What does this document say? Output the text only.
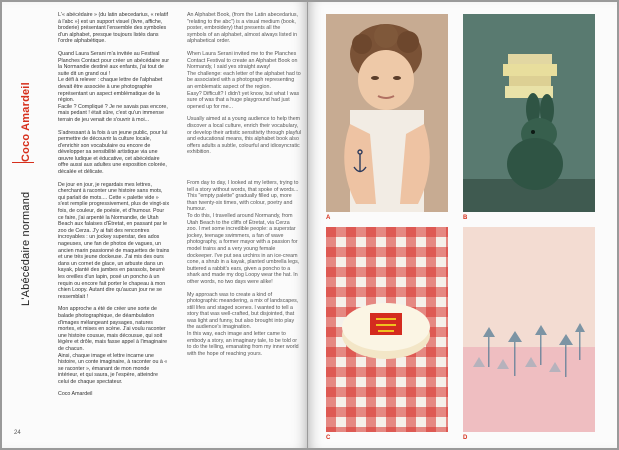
Coco Amardeil
L'Abécédaire normand

L'« abécédaire » (du latin abecedarius, « relatif à l'abc ») est un support visuel (livre, affiche, broderie) présentant l'ensemble des symboles d'un alphabet, presque toujours listés dans l'ordre alphabétique.

Quand Laura Serani m'a invitée au Festival Planches Contact pour créer un abécédaire sur la Normandie destiné aux enfants, j'ai tout de suite dit un grand oui !
Le défi à relever : chaque lettre de l'alphabet devait être associée à une photographie représentant un aspect emblématique de la région.
Facile ? Compliqué ? Je ne savais pas encore, mais pedant ! était sûre, c'est qu'un immense terrain de jeu venait de s'ouvrir à moi...

S'adressant à la fois à un jeune public, pour lui permettre de découvrir la culture locale, d'enrichir son vocabulaire ou encore de développer sa sensibilité artistique via une œuvre ludique et éducative, cet abécédaire offre aussi aux adultes une exposition colorée, décalée et délicate.

De jour en jour, je regardais mes lettres, cherchant à raconter une histoire sans mots, qui parlait de mots.... Cette « palette vide » s'est remplie progressivement, plus de vingt-six fois, de couleur, de poésie, et d'humour. Pour ce faire, j'ai arpenté la Normandie, de Utah Beach aux falaises d'Étretat, en passant par le zoo de Cerza. J'y ai fait des rencontres incroyables : un jockey superstar, des ados nageuses, une fan de photos de vagues, un ancien marin passionné de maquettes de trains et une très jeune dockeuse. J'ai mis des ours dans un cornet de glace, un arbuste dans un kayak, planté des jambes en parasols, beurré les oreilles d'un lapin, posé un poncho à un requin ou encore fait porter le chapeau à mon chien Loopy. Autant dire qu'aucun jour ne se ressemblait !

Mon approche a été de créer une sorte de balade photographique, de déambulation d'images mélangeant paysages, natures mortes, et mises en scène. J'ai voulu raconter une histoire cousue, mais décousue, qui soit légère et drôle, mais fasse appel à l'imaginaire de chacun.
Ainsi, chaque image et lettre incarne une histoire, un conte imaginaire, à raconter ou à « se raconter », émanant de mon monde intérieur, et qui saura, je l'espère, atteindre celui de chaque spectateur.

Coco Amardeil

An Alphabet Book, (from the Latin abecedarius, "relating to the abc") is a visual medium (book, poster, embroidery) that presents all the symbols of an alphabet, almost always listed in alphabetical order.

When Laura Serani invited me to the Planches Contact Festival to create an Alphabet Book on Normandy, I said yes straight away!
The challenge: each letter of the alphabet had to be associated with a photograph representing an emblematic aspect of the region.
Easy? Difficult? I didn't yet know, but what I was sure of was that a huge playground had just opened up for me...

Usually aimed at a young audience to help them discover a local culture, enrich their vocabulary, or develop their artistic sensitivity through playful and educational means, this alphabet book also offers adults a subtle, colourful and idiosyncratic exhibition.

24
A	B
C	D

From day to day, I looked at my letters, trying to tell a story without words, that spoke of words... This "empty palette" gradually filled up, more than twenty-six times, with colour, poetry and humour.
To do this, I travelled around Normandy, from Utah Beach to the cliffs of Étretat, via Cerza zoo. I met some incredible people: a superstar jockey, teenage swimmers, a fan of wave photography, a former mayor with a passion for model trains and a very young female dockeeper. I've put sea urchins in an ice-cream cone, a shrub in a kayak, planted umbrella legs, buttered a rabbit's ears, given a poncho to a shark and made my dog Loopy wear the hat. In other words, no two days were alike!

My approach was to create a kind of photographic meandering, a mix of landscapes, still lifes and staged scenes. I wanted to tell a story that was well-crafted, but disjointed, that was light and funny, but also brought into play the audience's imagination.
In this way, each image and letter came to embody a story, an imaginary tale, to be told or to do the telling, emanating from my inner world with the hope of reaching yours.
